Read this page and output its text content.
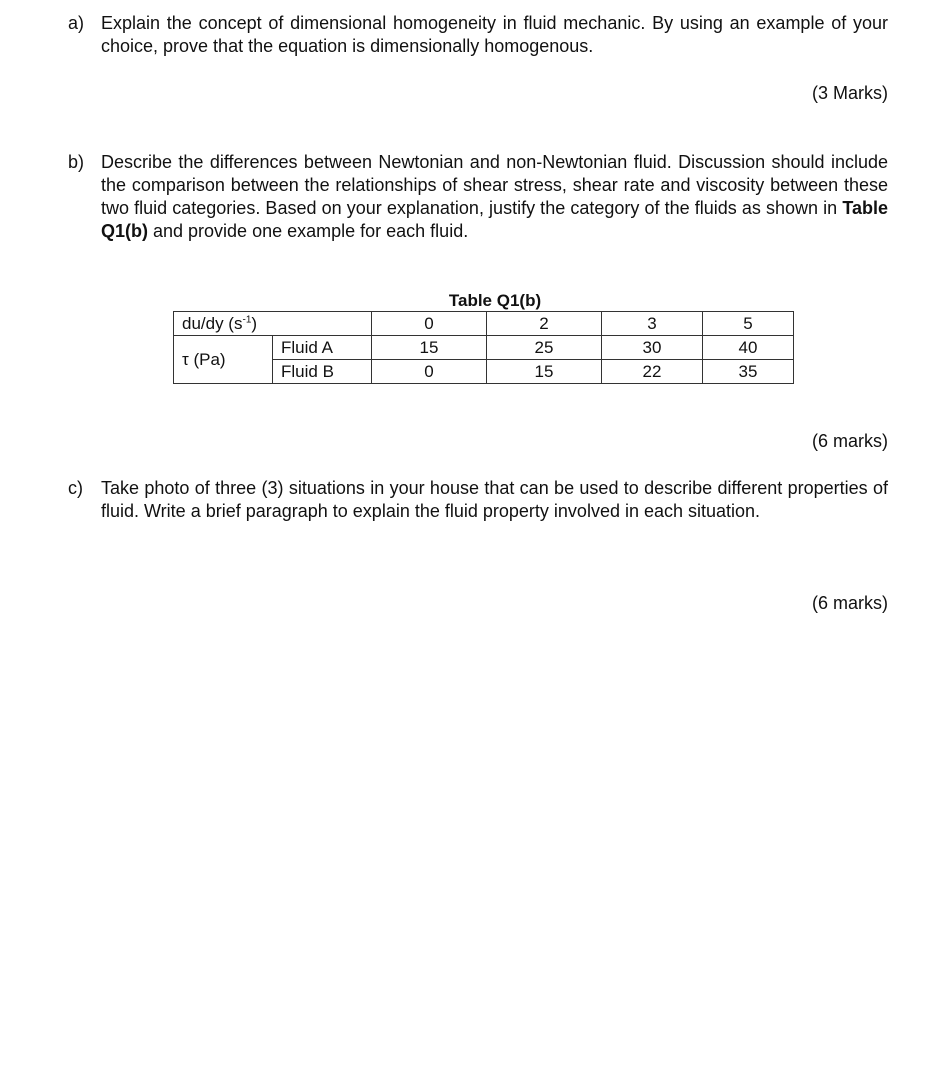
a) Explain the concept of dimensional homogeneity in fluid mechanic. By using an example of your choice, prove that the equation is dimensionally homogenous.
(3 Marks)
b) Describe the differences between Newtonian and non-Newtonian fluid. Discussion should include the comparison between the relationships of shear stress, shear rate and viscosity between these two fluid categories. Based on your explanation, justify the category of the fluids as shown in Table Q1(b) and provide one example for each fluid.
Table Q1(b)
du/dy $(s^{-1})$		0	2	3	5
τ (Pa)	Fluid A	15	25	30	40
	Fluid B	0	15	22	35
(6 marks)
c) Take photo of three (3) situations in your house that can be used to describe different properties of fluid. Write a brief paragraph to explain the fluid property involved in each situation.
(6 marks)
